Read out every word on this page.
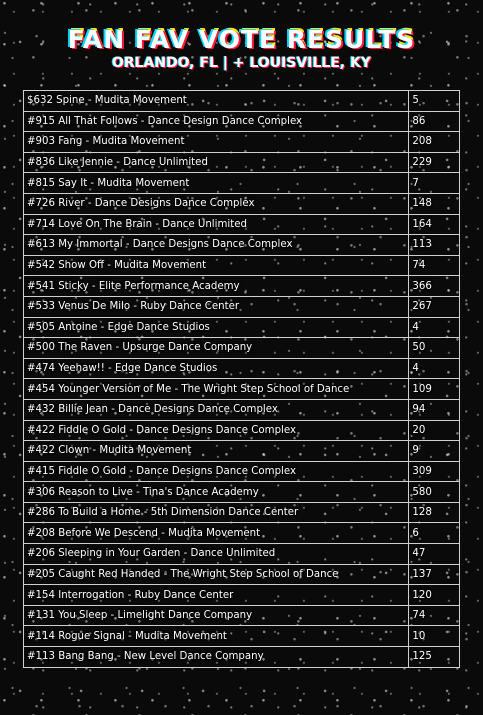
FAN FAV VOTE RESULTS
ORLANDO, FL | + LOUISVILLE, KY
$632 Spine - Mudita Movement	5
#915 All That Follows - Dance Design Dance Complex	86
#903 Fang - Mudita Movement	208
#836 Like Jennie - Dance Unlimited	229
#815 Say It - Mudita Movement	7
#726 River - Dance Designs Dance Complex	148
#714 Love On The Brain - Dance Unlimited	164
#613 My Immortal - Dance Designs Dance Complex	113
#542 Show Off - Mudita Movement	74
#541 Sticky - Elite Performance Academy	366
#533 Venus De Milo - Ruby Dance Center	267
#505 Antoine - Edge Dance Studios	4
#500 The Raven - Upsurge Dance Company	50
#474 Yeehaw!! - Edge Dance Studios	4
#454 Younger Version of Me - The Wright Step School of Dance	109
#432 Billie Jean - Dance Designs Dance Complex	94
#422 Fiddle O Gold - Dance Designs Dance Complex	20
#422 Clown - Mudita Movement	9
#415 Fiddle O Gold - Dance Designs Dance Complex	309
#306 Reason to Live - Tina's Dance Academy	580
#286 To Build a Home - 5th Dimension Dance Center	128
#208 Before We Descend - Mudita Movement	6
#206 Sleeping in Your Garden - Dance Unlimited	47
#205 Caught Red Handed - The Wright Step School of Dance	137
#154 Interrogation - Ruby Dance Center	120
#131 You Sleep - Limelight Dance Company	74
#114 Rogue Signal - Mudita Movement	10
#113 Bang Bang - New Level Dance Company	125
